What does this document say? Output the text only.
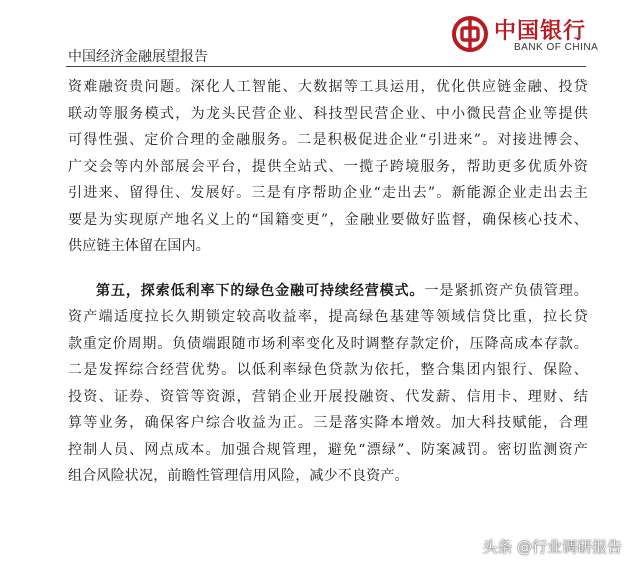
中国经济金融展望报告
中国银行
BANK OF CHINA
资难融资贵问题。深化人工智能、大数据等工具运用，优化供应链金融、投贷
联动等服务模式，为龙头民营企业、科技型民营企业、中小微民营企业等提供
可得性强、定价合理的金融服务。二是积极促进企业“引进来”。对接进博会、
广交会等内外部展会平台，提供全站式、一揽子跨境服务，帮助更多优质外资
引进来、留得住、发展好。三是有序帮助企业“走出去”。新能源企业走出去主
要是为实现原产地名义上的“国籍变更”，金融业要做好监督，确保核心技术、
供应链主体留在国内。
第五，探索低利率下的绿色金融可持续经营模式。一是紧抓资产负债管理。
资产端适度拉长久期锁定较高收益率，提高绿色基建等领域信贷比重，拉长贷
款重定价周期。负债端跟随市场利率变化及时调整存款定价，压降高成本存款。
二是发挥综合经营优势。以低利率绿色贷款为依托，整合集团内银行、保险、
投资、证券、资管等资源，营销企业开展投融资、代发薪、信用卡、理财、结
算等业务，确保客户综合收益为正。三是落实降本增效。加大科技赋能，合理
控制人员、网点成本。加强合规管理，避免“漂绿”、防案减罚。密切监测资产
组合风险状况，前瞻性管理信用风险，减少不良资产。
头条 @行业调研报告
